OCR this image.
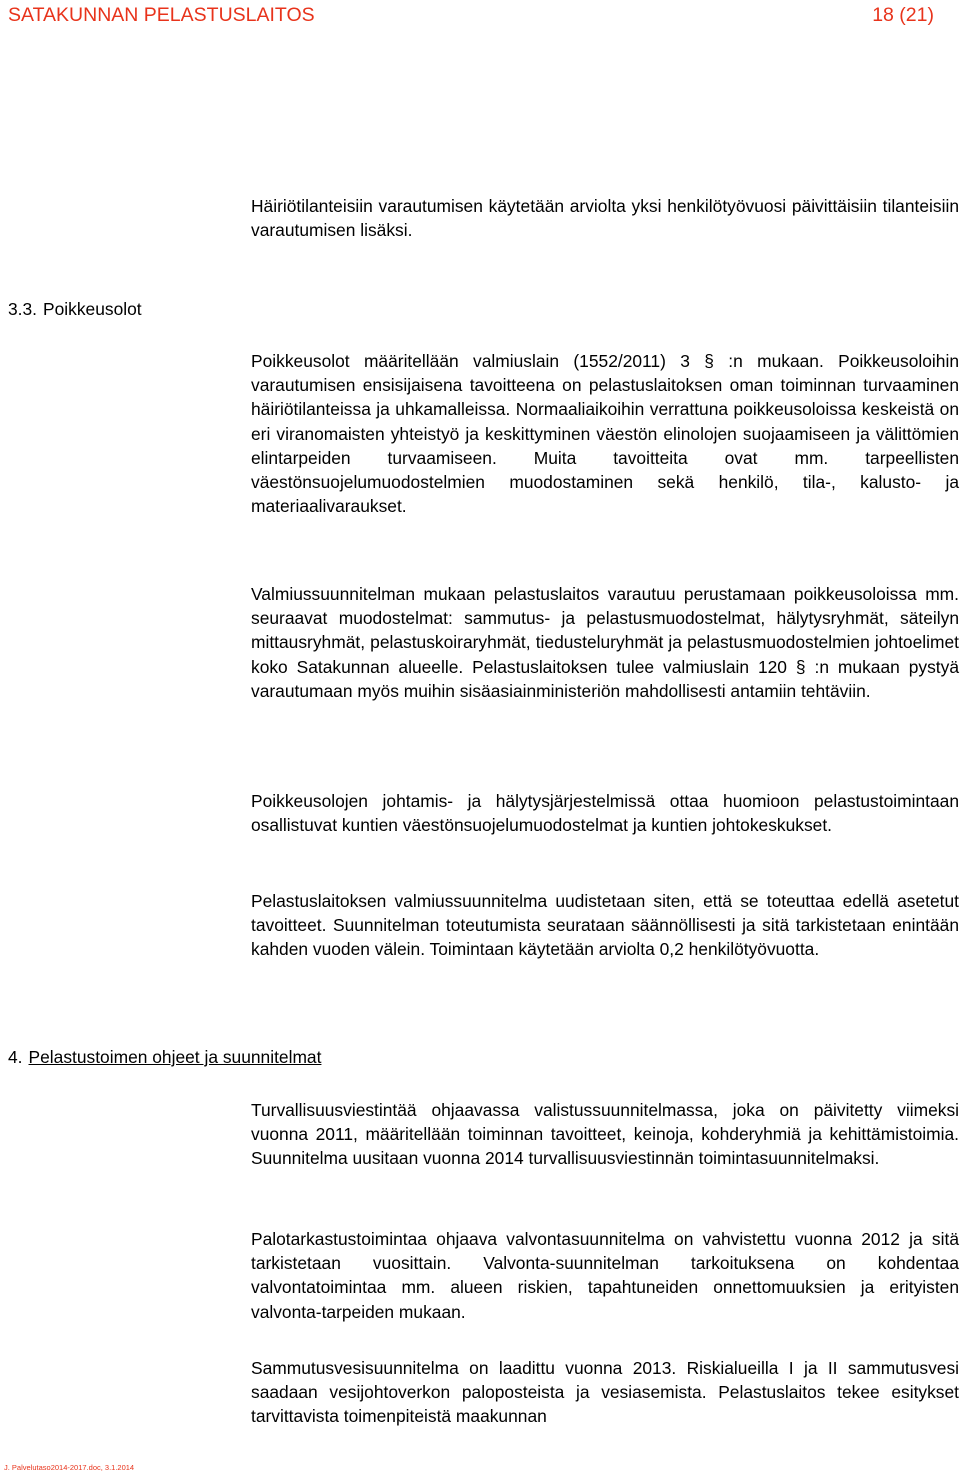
SATAKUNNAN PELASTUSLAITOS	18 (21)

Häiriötilanteisiin varautumisen käytetään arviolta yksi henkilötyövuosi päivittäisiin tilanteisiin varautumisen lisäksi.

3.3. Poikkeusolot

Poikkeusolot määritellään valmiuslain (1552/2011) 3 § :n mukaan. Poikkeusoloihin varautumisen ensisijaisena tavoitteena on pelastuslaitoksen oman toiminnan turvaaminen häiriötilanteissa ja uhkamalleissa. Normaaliaikoihin verrattuna poikkeusoloissa keskeistä on eri viranomaisten yhteistyö ja keskittyminen väestön elinolojen suojaamiseen ja välittömien elintarpeiden turvaamiseen. Muita tavoitteita ovat mm. tarpeellisten väestönsuojelumuodostelmien muodostaminen sekä henkilö, tila-, kalusto- ja materiaalivaraukset.

Valmiussuunnitelman mukaan pelastuslaitos varautuu perustamaan poikkeusoloissa mm. seuraavat muodostelmat: sammutus- ja pelastusmuodostelmat, hälytysryhmät, säteilyn mittausryhmät, pelastuskoiraryhmät, tiedusteluryhmät ja pelastusmuodostelmien johtoelimet koko Satakunnan alueelle. Pelastuslaitoksen tulee valmiuslain 120 § :n mukaan pystyä varautumaan myös muihin sisäasiainministeriön mahdollisesti antamiin tehtäviin.

Poikkeusolojen johtamis- ja hälytysjärjestelmissä ottaa huomioon pelastustoimintaan osallistuvat kuntien väestönsuojelumuodostelmat ja kuntien johtokeskukset.

Pelastuslaitoksen valmiussuunnitelma uudistetaan siten, että se toteuttaa edellä asetetut tavoitteet. Suunnitelman toteutumista seurataan säännöllisesti ja sitä tarkistetaan enintään kahden vuoden välein. Toimintaan käytetään arviolta 0,2 henkilötyövuotta.

4. Pelastustoimen ohjeet ja suunnitelmat

Turvallisuusviestintää ohjaavassa valistussuunnitelmassa, joka on päivitetty viimeksi vuonna 2011, määritellään toiminnan tavoitteet, keinoja, kohderyhmiä ja kehittämistoimia. Suunnitelma uusitaan vuonna 2014 turvallisuusviestinnän toimintasuunnitelmaksi.

Palotarkastustoimintaa ohjaava valvontasuunnitelma on vahvistettu vuonna 2012 ja sitä tarkistetaan vuosittain. Valvonta-suunnitelman tarkoituksena on kohdentaa valvontatoimintaa mm. alueen riskien, tapahtuneiden onnettomuuksien ja erityisten valvonta-tarpeiden mukaan.

Sammutusvesisuunnitelma on laadittu vuonna 2013. Riskialueilla I ja II sammutusvesi saadaan vesijohtoverkon paloposteista ja vesiasemista. Pelastuslaitos tekee esitykset tarvittavista toimenpiteistä maakunnan

J. Palvelutaso2014-2017.doc, 3.1.2014
